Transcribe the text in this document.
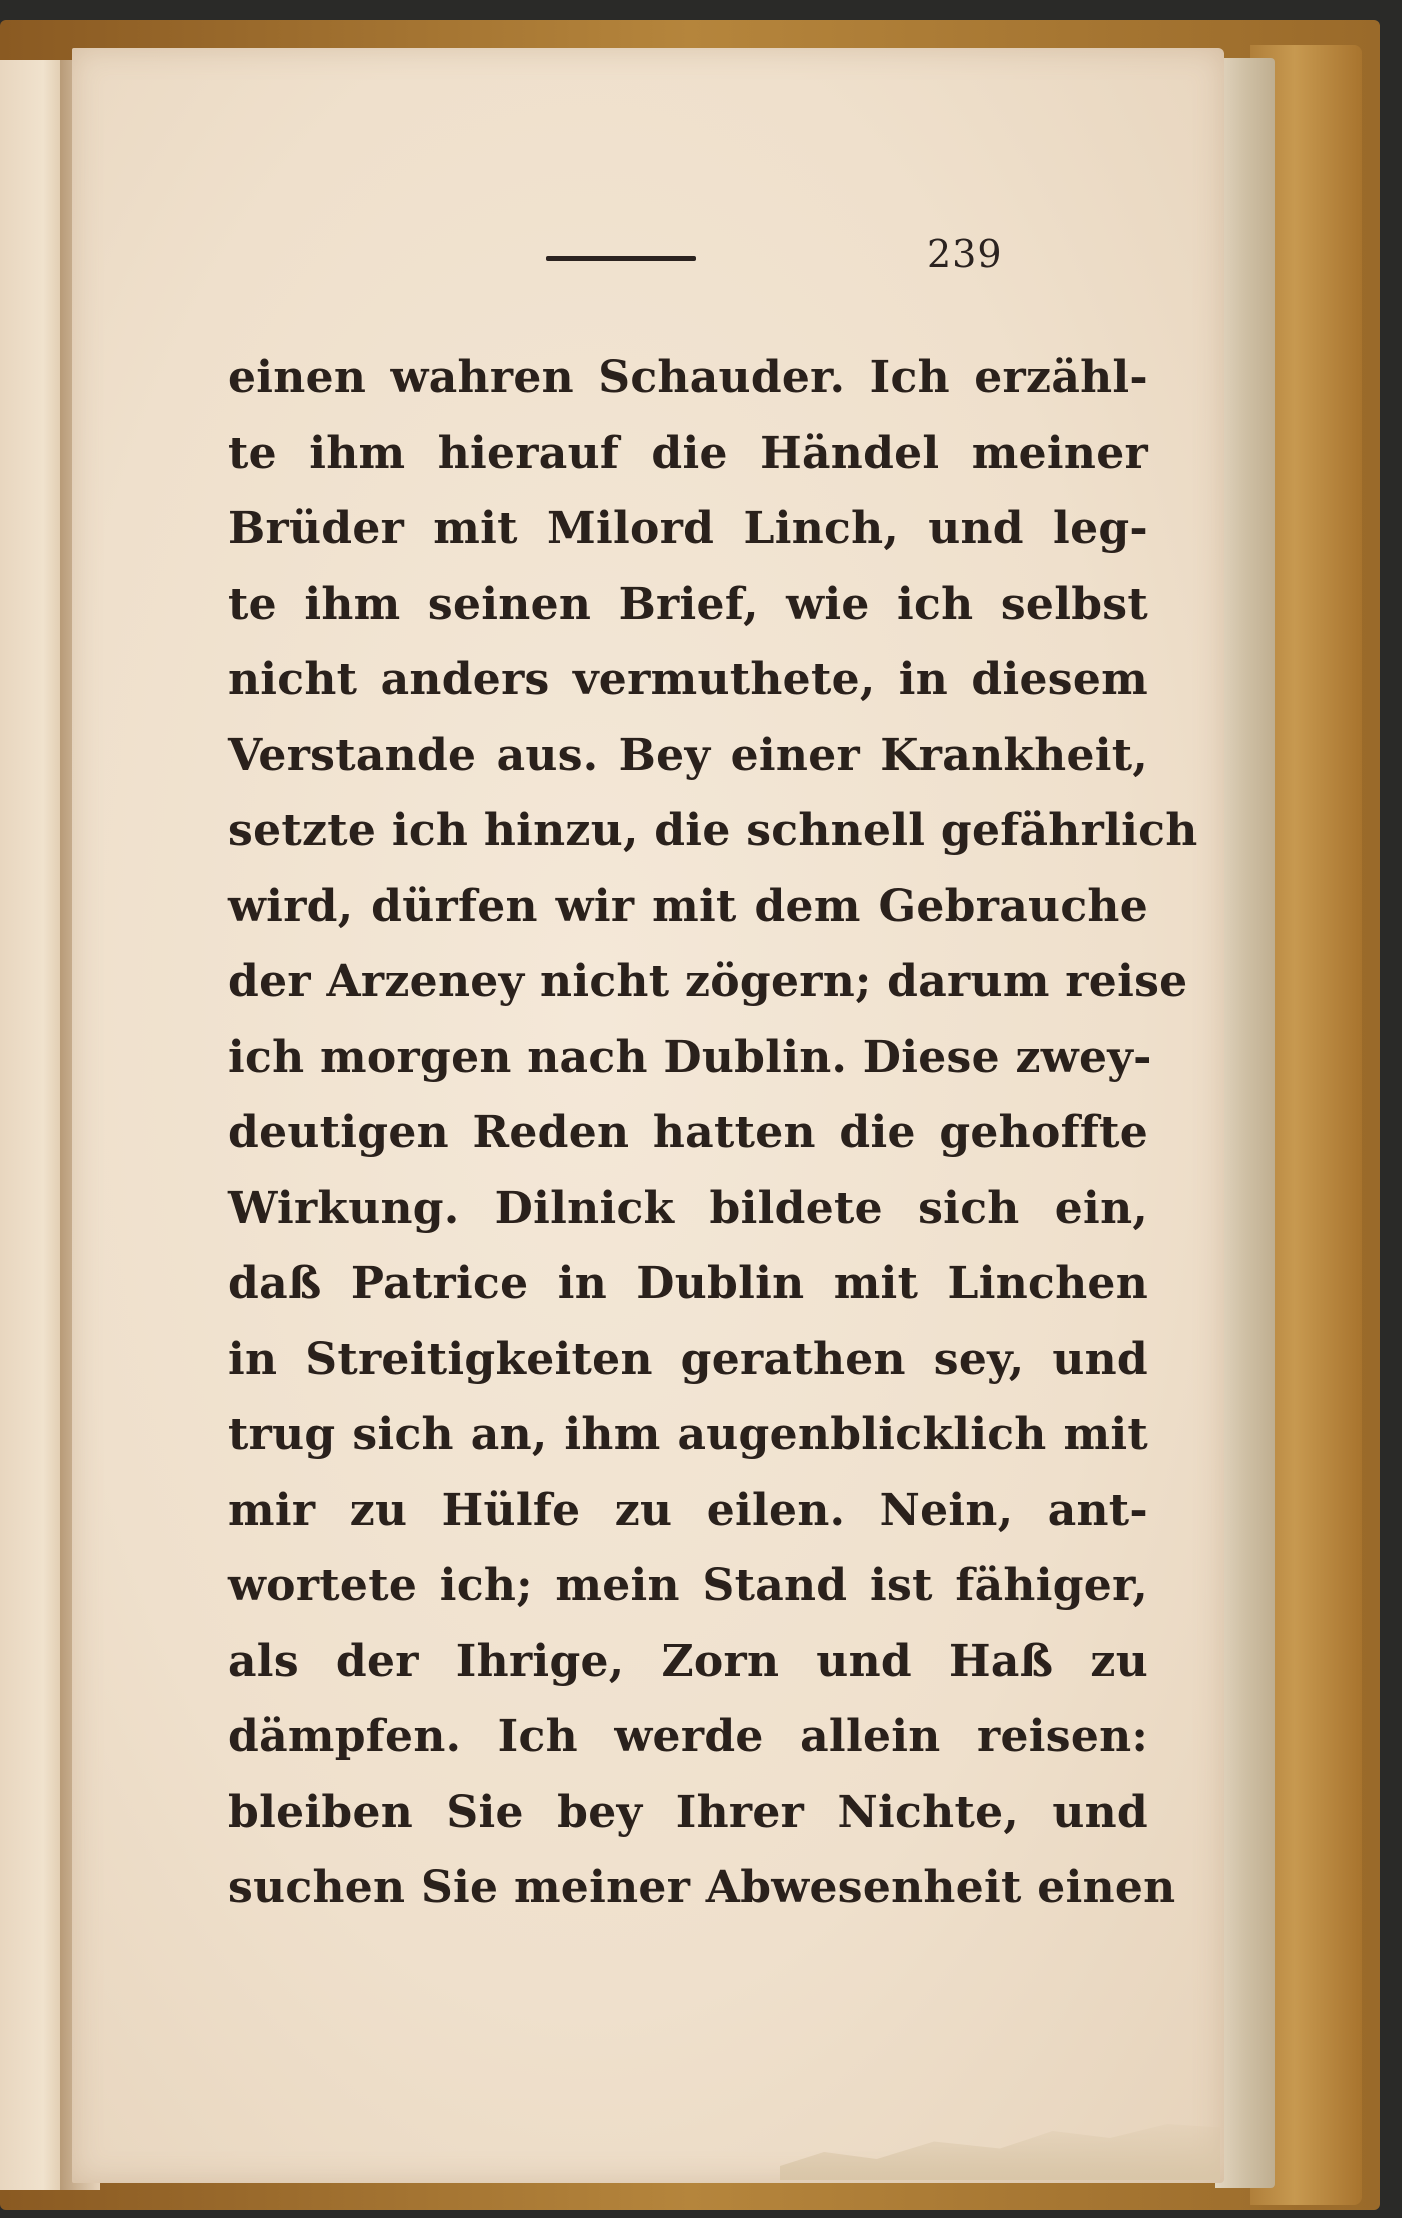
239
einen wahren Schauder. Ich erzähl-
te ihm hierauf die Händel meiner
Brüder mit Milord Linch, und leg-
te ihm seinen Brief, wie ich selbst
nicht anders vermuthete, in diesem
Verstande aus. Bey einer Krankheit,
setzte ich hinzu, die schnell gefährlich
wird, dürfen wir mit dem Gebrauche
der Arzeney nicht zögern; darum reise
ich morgen nach Dublin. Diese zwey-
deutigen Reden hatten die gehoffte
Wirkung. Dilnick bildete sich ein,
daß Patrice in Dublin mit Linchen
in Streitigkeiten gerathen sey, und
trug sich an, ihm augenblicklich mit
mir zu Hülfe zu eilen. Nein, ant-
wortete ich; mein Stand ist fähiger,
als der Ihrige, Zorn und Haß zu
dämpfen. Ich werde allein reisen:
bleiben Sie bey Ihrer Nichte, und
suchen Sie meiner Abwesenheit einen
